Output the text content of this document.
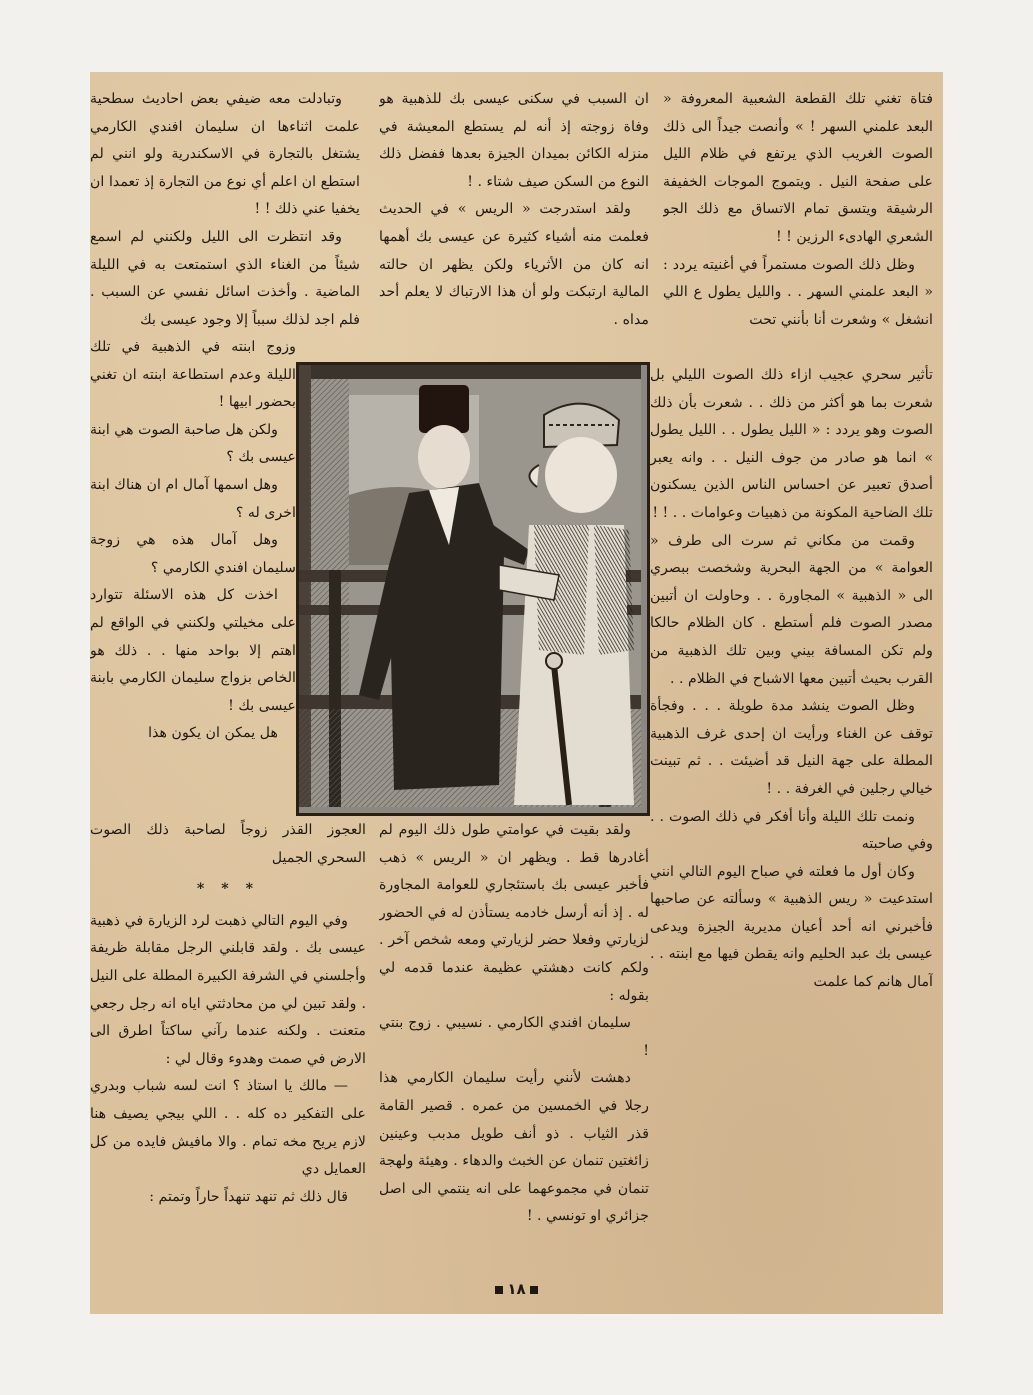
فتاة تغني تلك القطعة الشعبية المعروفة « البعد علمني السهر ! » وأنصت جيداً الى ذلك الصوت الغريب الذي يرتفع في ظلام الليل على صفحة النيل . ويتموج الموجات الخفيفة الرشيقة ويتسق تمام الاتساق مع ذلك الجو الشعري الهادىء الرزين ! !

وظل ذلك الصوت مستمراً في أغنيته يردد : « البعد علمني السهر . . والليل يطول ع اللي انشغل » وشعرت أنا بأنني تحت

تأثير سحري عجيب ازاء ذلك الصوت الليلي بل شعرت بما هو أكثر من ذلك . . شعرت بأن ذلك الصوت وهو يردد : « الليل يطول . . الليل يطول » انما هو صادر من جوف النيل . . وانه يعبر أصدق تعبير عن احساس الناس الذين يسكنون تلك الضاحية المكونة من ذهبيات وعوامات . . ! !

وقمت من مكاني ثم سرت الى طرف « العوامة » من الجهة البحرية وشخصت ببصري الى « الذهبية » المجاورة . . وحاولت ان أتبين مصدر الصوت فلم أستطع . كان الظلام حالكا ولم تكن المسافة بيني وبين تلك الذهبية من القرب بحيث أتبين معها الاشباح في الظلام . .

وظل الصوت ينشد مدة طويلة . . . وفجأة توقف عن الغناء ورأيت ان إحدى غرف الذهبية المطلة على جهة النيل قد أضيئت . . ثم تبينت خيالي رجلين في الغرفة . . !

ونمت تلك الليلة وأنا أفكر في ذلك الصوت . . وفي صاحبته

وكان أول ما فعلته في صباح اليوم التالي انني استدعيت « ريس الذهبية » وسألته عن صاحبها فأخبرني انه أحد أعيان مديرية الجيزة ويدعى عيسى بك عبد الحليم وانه يقطن فيها مع ابنته . . آمال هانم كما علمت

ان السبب في سكنى عيسى بك للذهبية هو وفاة زوجته إذ أنه لم يستطع المعيشة في منزله الكائن بميدان الجيزة بعدها ففضل ذلك النوع من السكن صيف شتاء . !

ولقد استدرجت « الريس » في الحديث فعلمت منه أشياء كثيرة عن عيسى بك أهمها انه كان من الأثرياء ولكن يظهر ان حالته المالية ارتبكت ولو أن هذا الارتباك لا يعلم أحد مداه .

ولقد بقيت في عوامتي طول ذلك اليوم لم أغادرها قط . ويظهر ان « الريس » ذهب فأخبر عيسى بك باستئجاري للعوامة المجاورة له . إذ أنه أرسل خادمه يستأذن له في الحضور لزيارتي وفعلا حضر لزيارتي ومعه شخص آخر . ولكم كانت دهشتي عظيمة عندما قدمه لي بقوله :

سليمان افندي الكارمي . نسيبي . زوج بنتي !

دهشت لأنني رأيت سليمان الكارمي هذا رجلا في الخمسين من عمره . قصير القامة قذر الثياب . ذو أنف طويل مدبب وعينين زائغتين تنمان عن الخبث والدهاء . وهيئة ولهجة تنمان في مجموعهما على انه ينتمي الى اصل جزائري او تونسي . !

وتبادلت معه ضيفي بعض احاديث سطحية علمت اثناءها ان سليمان افندي الكارمي يشتغل بالتجارة في الاسكندرية ولو انني لم استطع ان اعلم أي نوع من التجارة إذ تعمدا ان يخفيا عني ذلك ! !

وقد انتظرت الى الليل ولكنني لم اسمع شيئاً من الغناء الذي استمتعت به في الليلة الماضية . وأخذت اسائل نفسي عن السبب . فلم اجد لذلك سبباً إلا وجود عيسى بك

وزوج ابنته في الذهبية في تلك الليلة وعدم استطاعة ابنته ان تغني بحضور ابيها !

ولكن هل صاحبة الصوت هي ابنة عيسى بك ؟

وهل اسمها آمال ام ان هناك ابنة اخرى له ؟

وهل آمال هذه هي زوجة سليمان افندي الكارمي ؟

اخذت كل هذه الاسئلة تتوارد على مخيلتي ولكنني في الواقع لم اهتم إلا بواحد منها . . ذلك هو الخاص بزواج سليمان الكارمي بابنة عيسى بك !

هل يمكن ان يكون هذا

العجوز القذر زوجاً لصاحبة ذلك الصوت السحري الجميل

* * *

وفي اليوم التالي ذهبت لرد الزيارة في ذهبية عيسى بك . ولقد قابلني الرجل مقابلة ظريفة وأجلسني في الشرفة الكبيرة المطلة على النيل . ولقد تبين لي من محادثتي اياه انه رجل رجعي متعنت . ولكنه عندما رآني ساكتاً اطرق الى الارض في صمت وهدوء وقال لي :

— مالك يا استاذ ؟ انت لسه شباب وبدري على التفكير ده كله . . اللي بيجي يصيف هنا لازم يريح مخه تمام . والا مافيش فايده من كل العمايل دي

قال ذلك ثم تنهد تنهداً حاراً وتمتم :

١٨
